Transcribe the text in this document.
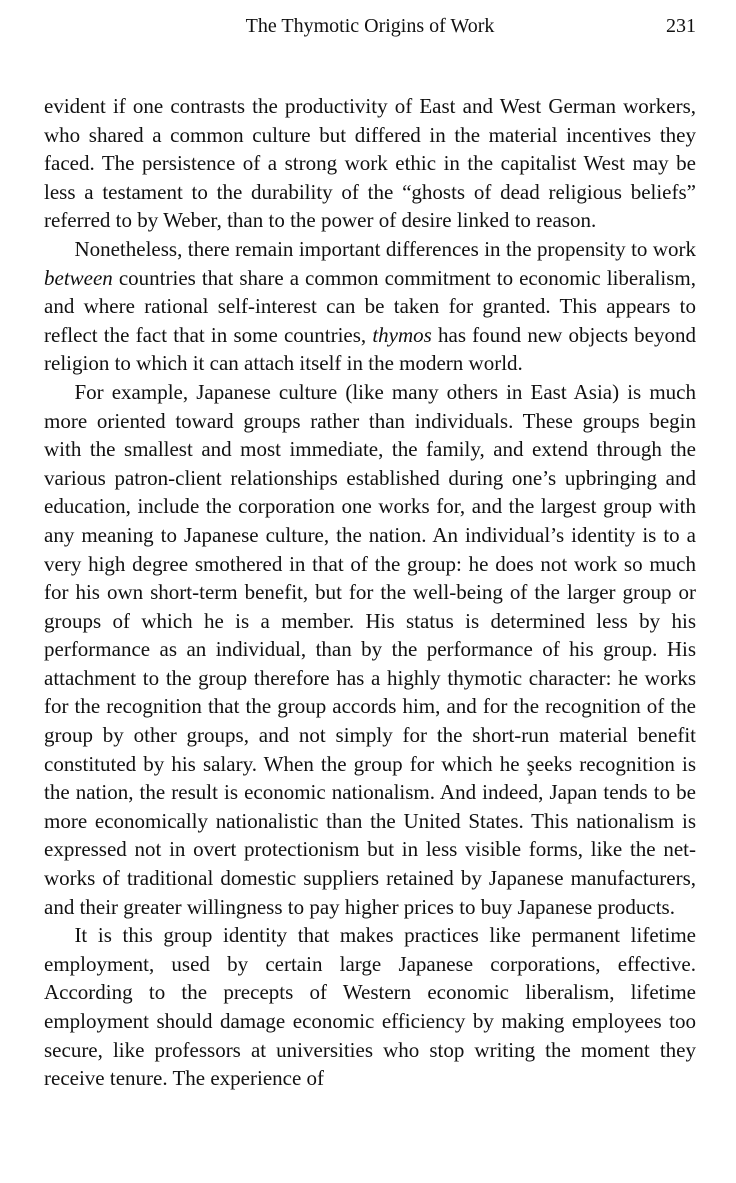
The Thymotic Origins of Work	231

evident if one contrasts the productivity of East and West German workers, who shared a common culture but differed in the material incentives they faced. The persistence of a strong work ethic in the capitalist West may be less a testament to the durability of the “ghosts of dead religious beliefs” referred to by Weber, than to the power of desire linked to reason.

Nonetheless, there remain important differences in the propensity to work between countries that share a common commitment to economic liberalism, and where rational self-interest can be taken for granted. This appears to reflect the fact that in some countries, thymos has found new objects beyond religion to which it can attach itself in the modern world.

For example, Japanese culture (like many others in East Asia) is much more oriented toward groups rather than individuals. These groups begin with the smallest and most immediate, the family, and extend through the various patron-client relationships established during one’s upbringing and education, include the corporation one works for, and the largest group with any meaning to Japanese culture, the nation. An individual’s identity is to a very high degree smothered in that of the group: he does not work so much for his own short-term benefit, but for the well-being of the larger group or groups of which he is a member. His status is determined less by his performance as an individual, than by the performance of his group. His attachment to the group therefore has a highly thymotic character: he works for the recognition that the group accords him, and for the recognition of the group by other groups, and not simply for the short-run material benefit constituted by his salary. When the group for which he şeeks recognition is the nation, the result is economic nationalism. And indeed, Japan tends to be more economically nationalistic than the United States. This nationalism is expressed not in overt protectionism but in less visible forms, like the networks of traditional domestic suppliers retained by Japanese manufacturers, and their greater willingness to pay higher prices to buy Japanese products.

It is this group identity that makes practices like permanent lifetime employment, used by certain large Japanese corporations, effective. According to the precepts of Western economic liberalism, lifetime employment should damage economic efficiency by making employees too secure, like professors at universities who stop writing the moment they receive tenure. The experience of
